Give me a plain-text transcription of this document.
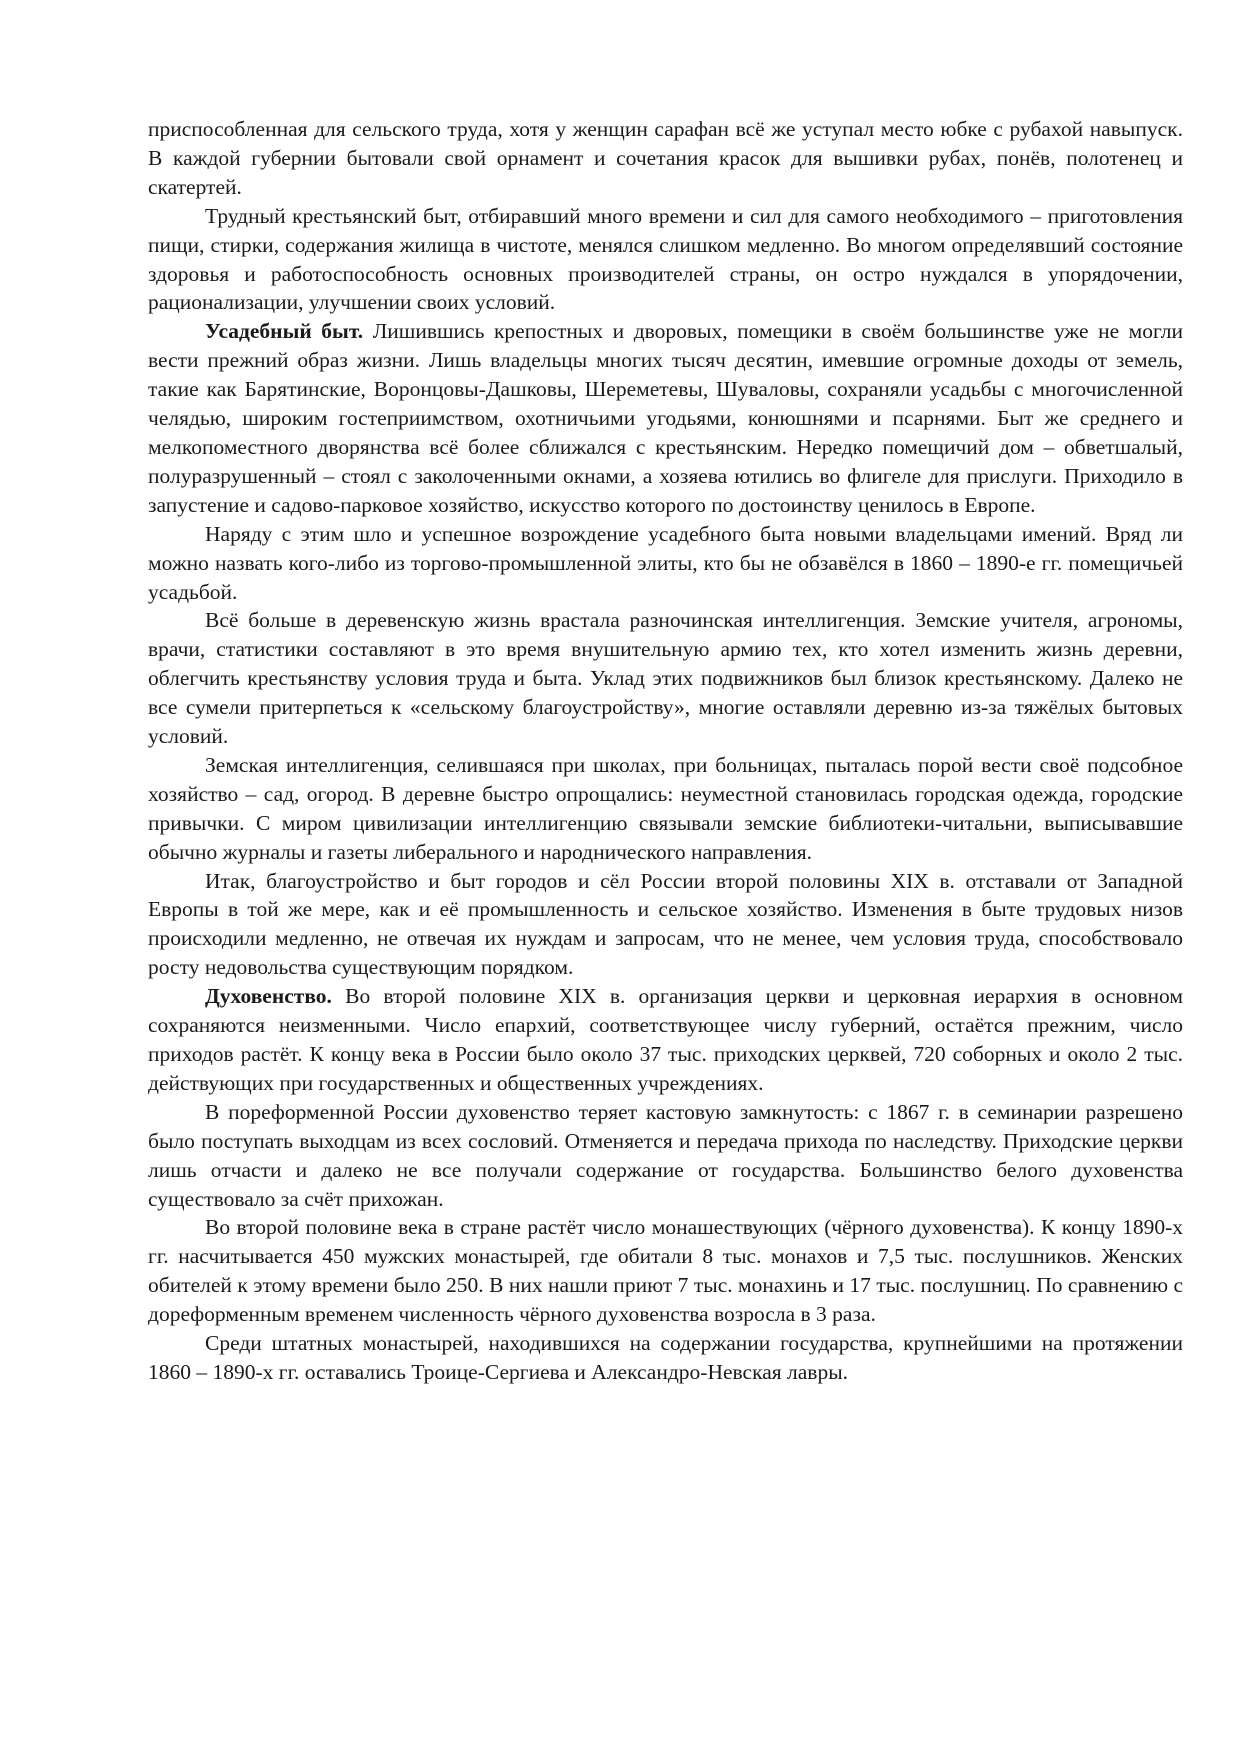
приспособленная для сельского труда, хотя у женщин сарафан всё же уступал место юбке с рубахой навыпуск. В каждой губернии бытовали свой орнамент и сочетания красок для вышивки рубах, понёв, полотенец и скатертей.

Трудный крестьянский быт, отбиравший много времени и сил для самого необходимого – приготовления пищи, стирки, содержания жилища в чистоте, менялся слишком медленно. Во многом определявший состояние здоровья и работоспособность основных производителей страны, он остро нуждался в упорядочении, рационализации, улучшении своих условий.

Усадебный быт. Лишившись крепостных и дворовых, помещики в своём большинстве уже не могли вести прежний образ жизни. Лишь владельцы многих тысяч десятин, имевшие огромные доходы от земель, такие как Барятинские, Воронцовы-Дашковы, Шереметевы, Шуваловы, сохраняли усадьбы с многочисленной челядью, широким гостеприимством, охотничьими угодьями, конюшнями и псарнями. Быт же среднего и мелкопоместного дворянства всё более сближался с крестьянским. Нередко помещичий дом – обветшалый, полуразрушенный – стоял с заколоченными окнами, а хозяева ютились во флигеле для прислуги. Приходило в запустение и садово-парковое хозяйство, искусство которого по достоинству ценилось в Европе.

Наряду с этим шло и успешное возрождение усадебного быта новыми владельцами имений. Вряд ли можно назвать кого-либо из торгово-промышленной элиты, кто бы не обзавёлся в 1860 – 1890-е гг. помещичьей усадьбой.

Всё больше в деревенскую жизнь врастала разночинская интеллигенция. Земские учителя, агрономы, врачи, статистики составляют в это время внушительную армию тех, кто хотел изменить жизнь деревни, облегчить крестьянству условия труда и быта. Уклад этих подвижников был близок крестьянскому. Далеко не все сумели притерпеться к «сельскому благоустройству», многие оставляли деревню из-за тяжёлых бытовых условий.

Земская интеллигенция, селившаяся при школах, при больницах, пыталась порой вести своё подсобное хозяйство – сад, огород. В деревне быстро опрощались: неуместной становилась городская одежда, городские привычки. С миром цивилизации интеллигенцию связывали земские библиотеки-читальни, выписывавшие обычно журналы и газеты либерального и народнического направления.

Итак, благоустройство и быт городов и сёл России второй половины XIX в. отставали от Западной Европы в той же мере, как и её промышленность и сельское хозяйство. Изменения в быте трудовых низов происходили медленно, не отвечая их нуждам и запросам, что не менее, чем условия труда, способствовало росту недовольства существующим порядком.

Духовенство. Во второй половине XIX в. организация церкви и церковная иерархия в основном сохраняются неизменными. Число епархий, соответствующее числу губерний, остаётся прежним, число приходов растёт. К концу века в России было около 37 тыс. приходских церквей, 720 соборных и около 2 тыс. действующих при государственных и общественных учреждениях.

В пореформенной России духовенство теряет кастовую замкнутость: с 1867 г. в семинарии разрешено было поступать выходцам из всех сословий. Отменяется и передача прихода по наследству. Приходские церкви лишь отчасти и далеко не все получали содержание от государства. Большинство белого духовенства существовало за счёт прихожан.

Во второй половине века в стране растёт число монашествующих (чёрного духовенства). К концу 1890-х гг. насчитывается 450 мужских монастырей, где обитали 8 тыс. монахов и 7,5 тыс. послушников. Женских обителей к этому времени было 250. В них нашли приют 7 тыс. монахинь и 17 тыс. послушниц. По сравнению с дореформенным временем численность чёрного духовенства возросла в 3 раза.

Среди штатных монастырей, находившихся на содержании государства, крупнейшими на протяжении 1860 – 1890-х гг. оставались Троице-Сергиева и Александро-Невская лавры.
